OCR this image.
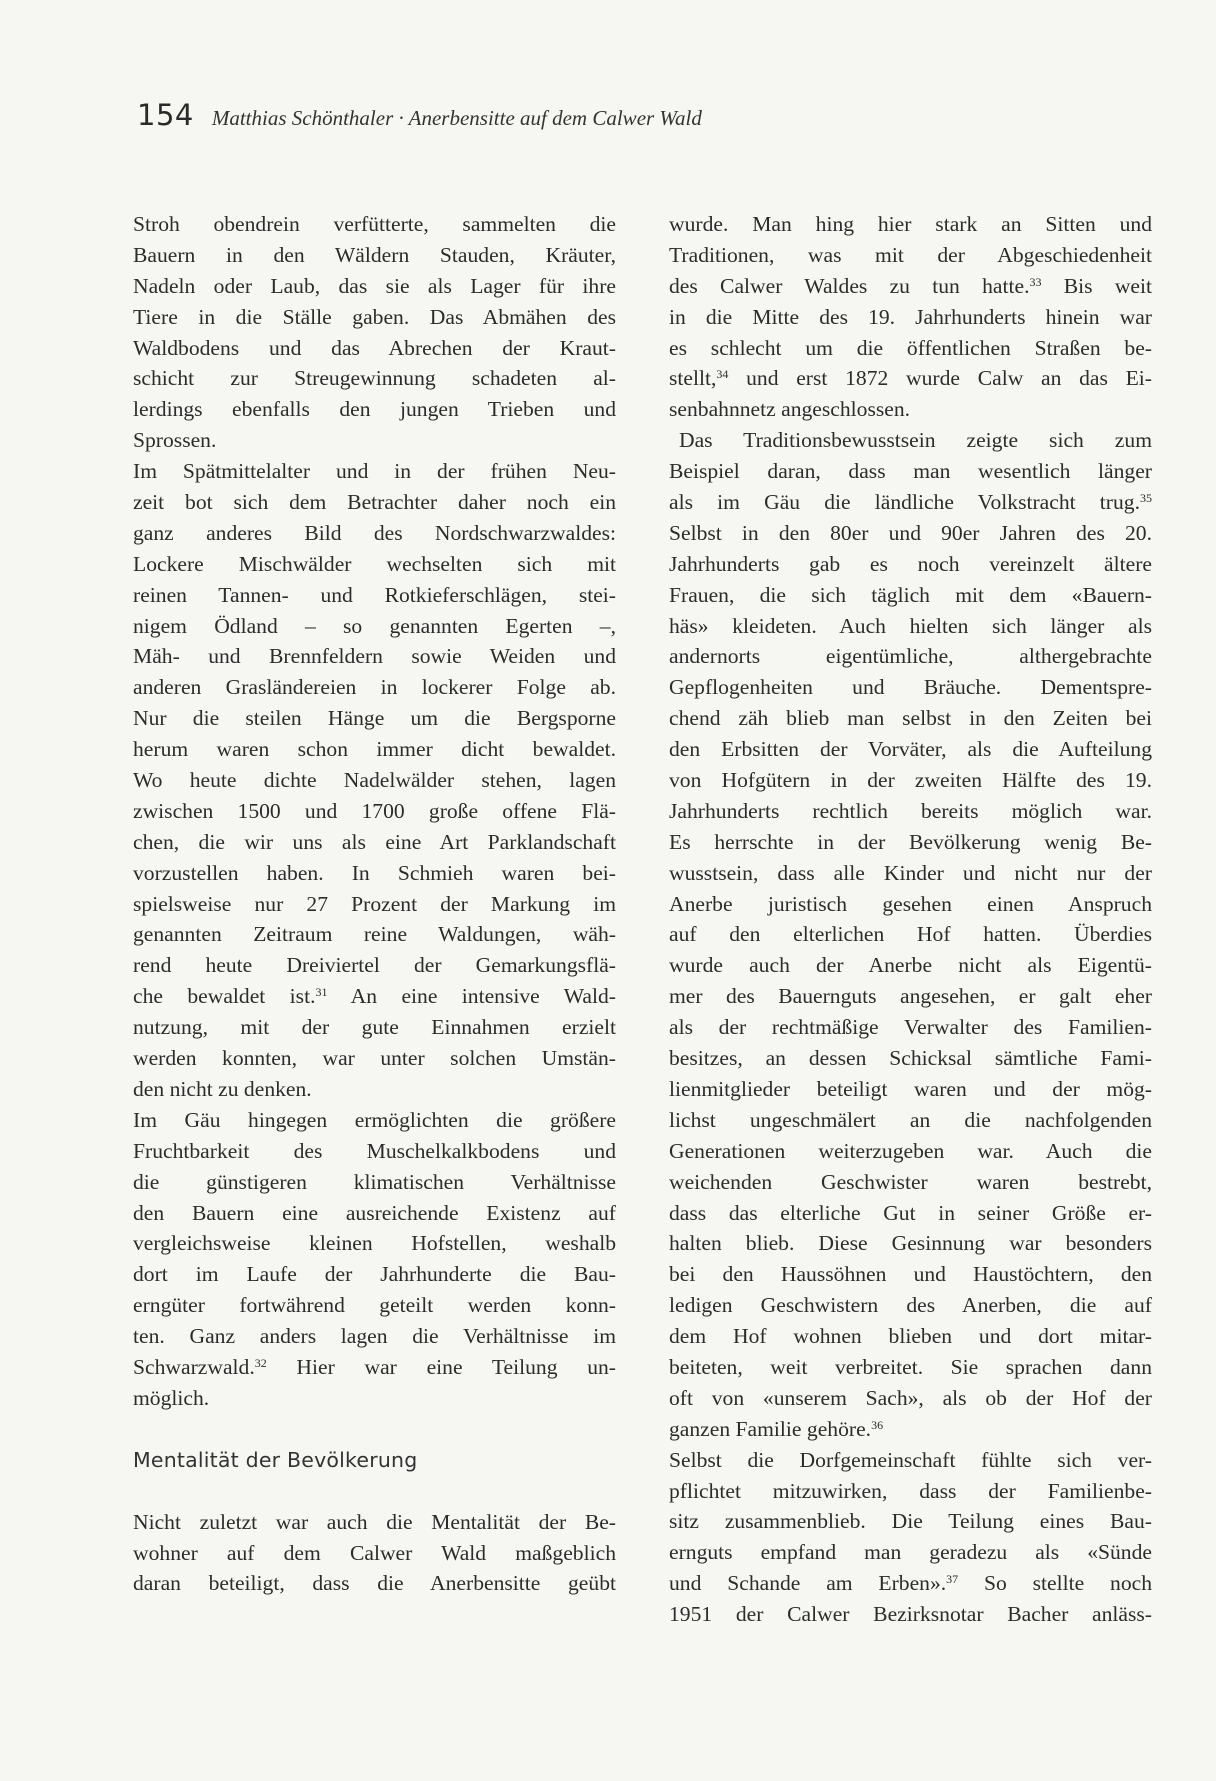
154 Matthias Schönthaler · Anerbensitte auf dem Calwer Wald
Stroh obendrein verfütterte, sammelten die
Bauern in den Wäldern Stauden, Kräuter,
Nadeln oder Laub, das sie als Lager für ihre
Tiere in die Ställe gaben. Das Abmähen des
Waldbodens und das Abrechen der Kraut-
schicht zur Streugewinnung schadeten al-
lerdings ebenfalls den jungen Trieben und
Sprossen.
Im Spätmittelalter und in der frühen Neu-
zeit bot sich dem Betrachter daher noch ein
ganz anderes Bild des Nordschwarzwaldes:
Lockere Mischwälder wechselten sich mit
reinen Tannen- und Rotkieferschlägen, stei-
nigem Ödland – so genannten Egerten –,
Mäh- und Brennfeldern sowie Weiden und
anderen Grasländereien in lockerer Folge ab.
Nur die steilen Hänge um die Bergsporne
herum waren schon immer dicht bewaldet.
Wo heute dichte Nadelwälder stehen, lagen
zwischen 1500 und 1700 große offene Flä-
chen, die wir uns als eine Art Parklandschaft
vorzustellen haben. In Schmieh waren bei-
spielsweise nur 27 Prozent der Markung im
genannten Zeitraum reine Waldungen, wäh-
rend heute Dreiviertel der Gemarkungsflä-
che bewaldet ist.$^{31}$ An eine intensive Wald-
nutzung, mit der gute Einnahmen erzielt
werden konnten, war unter solchen Umstän-
den nicht zu denken.
Im Gäu hingegen ermöglichten die größere
Fruchtbarkeit des Muschelkalkbodens und
die günstigeren klimatischen Verhältnisse
den Bauern eine ausreichende Existenz auf
vergleichsweise kleinen Hofstellen, weshalb
dort im Laufe der Jahrhunderte die Bau-
erngüter fortwährend geteilt werden konn-
ten. Ganz anders lagen die Verhältnisse im
Schwarzwald.$^{32}$ Hier war eine Teilung un-
möglich.
Mentalität der Bevölkerung
Nicht zuletzt war auch die Mentalität der Be-
wohner auf dem Calwer Wald maßgeblich
daran beteiligt, dass die Anerbensitte geübt
wurde. Man hing hier stark an Sitten und
Traditionen, was mit der Abgeschiedenheit
des Calwer Waldes zu tun hatte.$^{33}$ Bis weit
in die Mitte des 19. Jahrhunderts hinein war
es schlecht um die öffentlichen Straßen be-
stellt,$^{34}$ und erst 1872 wurde Calw an das Ei-
senbahnnetz angeschlossen.
Das Traditionsbewusstsein zeigte sich zum
Beispiel daran, dass man wesentlich länger
als im Gäu die ländliche Volkstracht trug.$^{35}$
Selbst in den 80er und 90er Jahren des 20.
Jahrhunderts gab es noch vereinzelt ältere
Frauen, die sich täglich mit dem «Bauern-
häs» kleideten. Auch hielten sich länger als
andernorts eigentümliche, althergebrachte
Gepflogenheiten und Bräuche. Dementspre-
chend zäh blieb man selbst in den Zeiten bei
den Erbsitten der Vorväter, als die Aufteilung
von Hofgütern in der zweiten Hälfte des 19.
Jahrhunderts rechtlich bereits möglich war.
Es herrschte in der Bevölkerung wenig Be-
wusstsein, dass alle Kinder und nicht nur der
Anerbe juristisch gesehen einen Anspruch
auf den elterlichen Hof hatten. Überdies
wurde auch der Anerbe nicht als Eigentü-
mer des Bauernguts angesehen, er galt eher
als der rechtmäßige Verwalter des Familien-
besitzes, an dessen Schicksal sämtliche Fami-
lienmitglieder beteiligt waren und der mög-
lichst ungeschmälert an die nachfolgenden
Generationen weiterzugeben war. Auch die
weichenden Geschwister waren bestrebt,
dass das elterliche Gut in seiner Größe er-
halten blieb. Diese Gesinnung war besonders
bei den Haussöhnen und Haustöchtern, den
ledigen Geschwistern des Anerben, die auf
dem Hof wohnen blieben und dort mitar-
beiteten, weit verbreitet. Sie sprachen dann
oft von «unserem Sach», als ob der Hof der
ganzen Familie gehöre.$^{36}$
Selbst die Dorfgemeinschaft fühlte sich ver-
pflichtet mitzuwirken, dass der Familienbe-
sitz zusammenblieb. Die Teilung eines Bau-
ernguts empfand man geradezu als «Sünde
und Schande am Erben».$^{37}$ So stellte noch
1951 der Calwer Bezirksnotar Bacher anläss-
